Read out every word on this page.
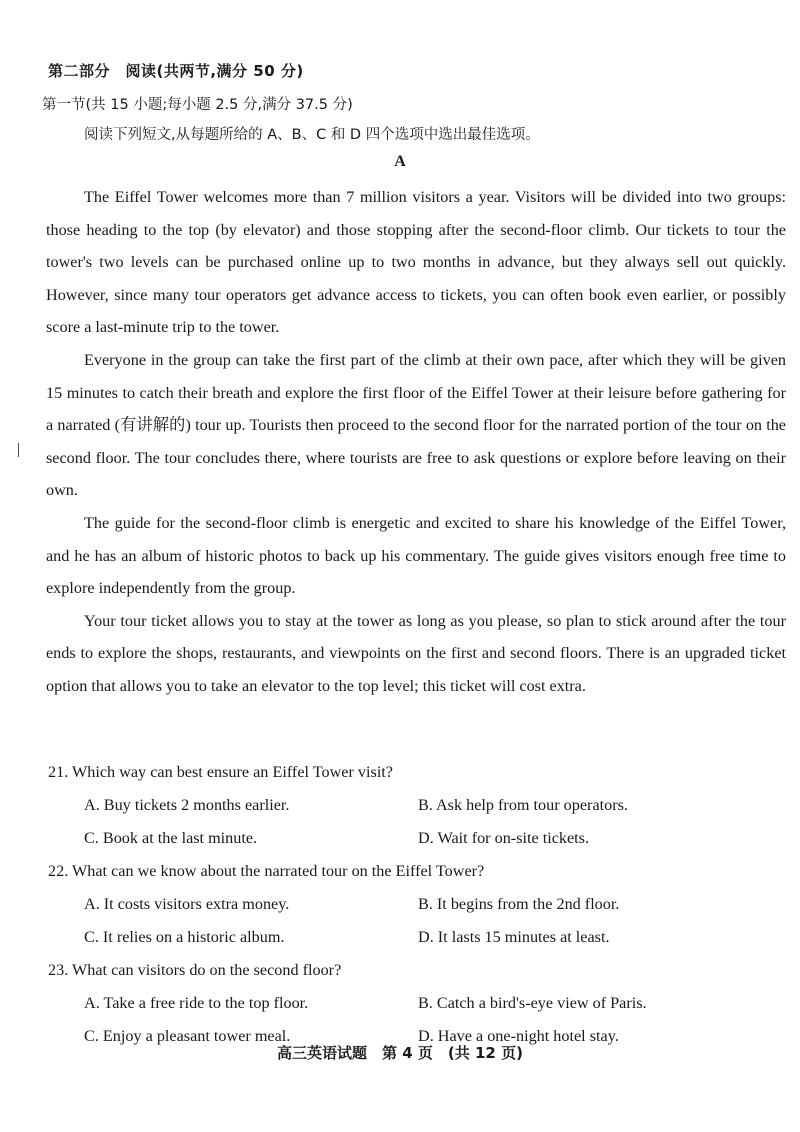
第二部分　阅读(共两节,满分 50 分)
第一节(共 15 小题;每小题 2.5 分,满分 37.5 分)
阅读下列短文,从每题所给的 A、B、C 和 D 四个选项中选出最佳选项。
A

The Eiffel Tower welcomes more than 7 million visitors a year. Visitors will be divided into two groups: those heading to the top (by elevator) and those stopping after the second-floor climb. Our tickets to tour the tower's two levels can be purchased online up to two months in advance, but they always sell out quickly. However, since many tour operators get advance access to tickets, you can often book even earlier, or possibly score a last-minute trip to the tower.

Everyone in the group can take the first part of the climb at their own pace, after which they will be given 15 minutes to catch their breath and explore the first floor of the Eiffel Tower at their leisure before gathering for a narrated (有讲解的) tour up. Tourists then proceed to the second floor for the narrated portion of the tour on the second floor. The tour concludes there, where tourists are free to ask questions or explore before leaving on their own.

The guide for the second-floor climb is energetic and excited to share his knowledge of the Eiffel Tower, and he has an album of historic photos to back up his commentary. The guide gives visitors enough free time to explore independently from the group.

Your tour ticket allows you to stay at the tower as long as you please, so plan to stick around after the tour ends to explore the shops, restaurants, and viewpoints on the first and second floors. There is an upgraded ticket option that allows you to take an elevator to the top level; this ticket will cost extra.

21. Which way can best ensure an Eiffel Tower visit?
A. Buy tickets 2 months earlier.	B. Ask help from tour operators.
C. Book at the last minute.	D. Wait for on-site tickets.
22. What can we know about the narrated tour on the Eiffel Tower?
A. It costs visitors extra money.	B. It begins from the 2nd floor.
C. It relies on a historic album.	D. It lasts 15 minutes at least.
23. What can visitors do on the second floor?
A. Take a free ride to the top floor.	B. Catch a bird's-eye view of Paris.
C. Enjoy a pleasant tower meal.	D. Have a one-night hotel stay.
高三英语试题　第 4 页　(共 12 页)
